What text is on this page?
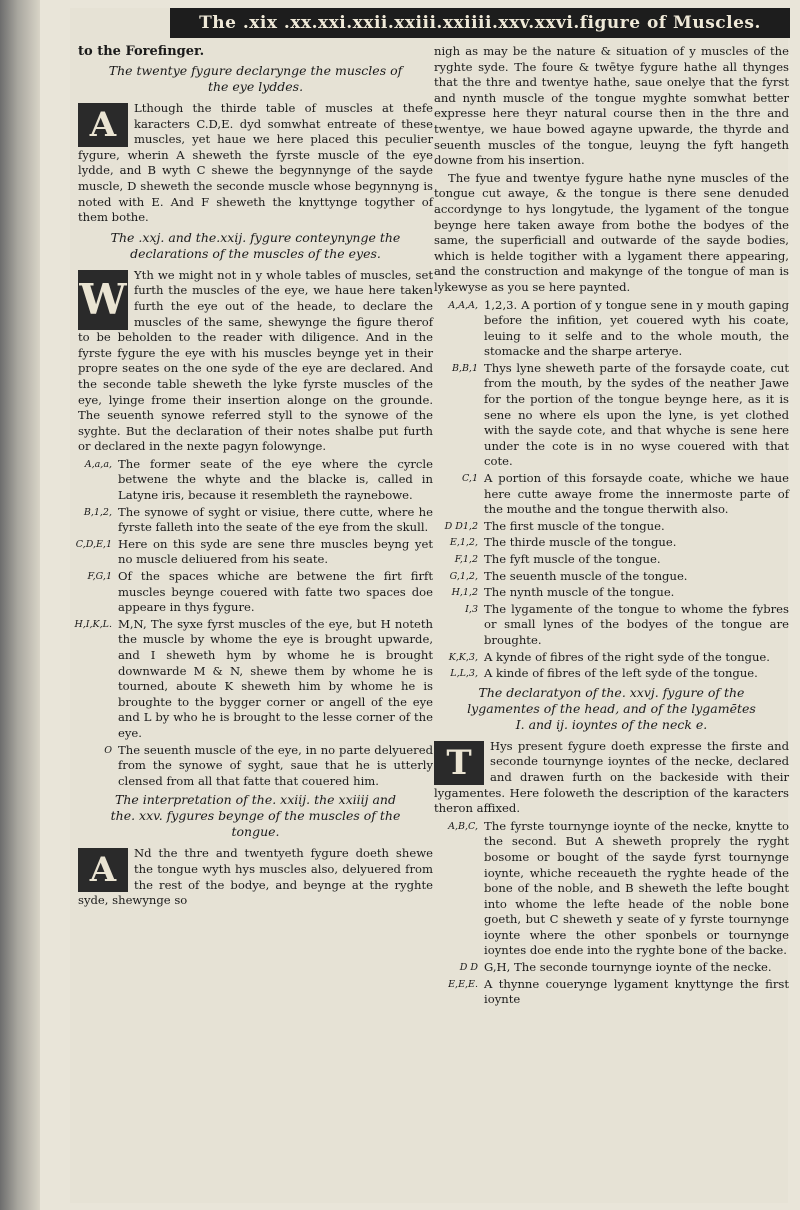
The .xix .xx.xxi.xxii.xxiii.xxiiii.xxv.xxvi.figure of Muscles.
to the Forefinger.
The twentye fygure declarynge the muscles of the eye lyddes.

A	Lthough the thirde table of muscles at thefe karacters C.D,E. dyd somwhat entreate of these muscles, yet haue we here placed this peculier fygure, wherin A sheweth the fyrste muscle of the eye lydde, and B wyth C shewe the begynnynge of the sayde muscle, D sheweth the seconde muscle whose begynnyng is noted with E. And F sheweth the knyttynge togyther of them bothe.

The .xxj. and the.xxij. fygure conteynynge the declarations of the muscles of the eyes.

W Yth we might not in y whole tables of muscles, set furth the muscles of the eye, we haue here taken furth the eye out of the heade, to declare the muscles of the same, shewynge the figure therof to be beholden to the reader with diligence. And in the fyrste fygure the eye with his muscles beynge yet in their propre seates on the one syde of the eye are declared. And the seconde table sheweth the lyke fyrste muscles of the eye, lyinge frome their insertion alonge on the grounde. The seuenth synowe referred styll to the synowe of the syghte. But the declaration of their notes shalbe put furth or declared in the nexte pagyn folowynge.

A,a,a, The former seate of the eye where the cyrcle betwene the whyte and the blacke is, called in Latyne iris, because it resembleth the raynebowe.
B,1,2, The synowe of syght or visiue, there cutte, where he fyrste falleth into the seate of the eye from the skull.
C,D,E,1 Here on this syde are sene thre muscles beyng yet no muscle deliuered from his seate.
F,G,1 Of the spaces whiche are betwene the firt firft muscles beynge couered with fatte two spaces doe appeare in thys fygure.
H,I,K,L. M,N, The syxe fyrst muscles of the eye, but H noteth the muscle by whome the eye is brought upwarde, and I sheweth hym by whome he is brought downwarde M & N, shewe them by whome he is tourned, aboute K sheweth him by whome he is broughte to the bygger corner or angell of the eye and L by who he is brought to the lesse corner of the eye.
O The seuenth muscle of the eye, in no parte delyuered from the synowe of syght, saue that he is utterly clensed from all that fatte that couered him.
The interpretation of the. xxiij. the xxiiij and the. xxv. fygures beynge of the muscles of the tongue.

A	Nd the thre and twentyeth fygure doeth shewe the tongue wyth hys muscles also, delyuered from the rest of the bodye, and beynge at the ryghte syde, shewynge so

nigh as may be the nature & situation of y muscles of the ryghte syde. The foure & twētye fygure hathe all thynges that the thre and twentye hathe, saue onelye that the fyrst and nynth muscle of the tongue myghte somwhat better expresse here theyr natural course then in the thre and twentye, we haue bowed agayne upwarde, the thyrde and seuenth muscles of the tongue, leuyng the fyft hangeth downe from his insertion.

The fyue and twentye fygure hathe nyne muscles of the tongue cut awaye, & the tongue is there sene denuded accordynge to hys longytude, the lygament of the tongue beynge here taken awaye from bothe the bodyes of the same, the superficiall and outwarde of the sayde bodies, which is helde togither with a lygament there appearing, and the construction and makynge of the tongue of man is lykewyse as you se here paynted.

A,A,A, 1,2,3. A portion of y tongue sene in y mouth gaping before the infition, yet couered wyth his coate, leuing to it selfe and to the whole mouth, the stomacke and the sharpe arterye.
B,B,1 Thys lyne sheweth parte of the forsayde coate, cut from the mouth, by the sydes of the neather Jawe for the portion of the tongue beynge here, as it is sene no where els upon the lyne, is yet clothed with the sayde cote, and that whyche is sene here under the cote is in no wyse couered with that cote.
C,1 A portion of this forsayde coate, whiche we haue here cutte awaye frome the innermoste parte of the mouthe and the tongue therwith also.
D D1,2 The first muscle of the tongue.
E,1,2, The thirde muscle of the tongue.
F,1,2 The fyft muscle of the tongue.
G,1,2, The seuenth muscle of the tongue.
H,1,2 The nynth muscle of the tongue.
I,3 The lygamente of the tongue to whome the fybres or small lynes of the bodyes of the tongue are broughte.
K,K,3, A kynde of fibres of the right syde of the tongue.
L,L,3, A kinde of fibres of the left syde of the tongue.
The declaratyon of the. xxvj. fygure of the lygamentes of the head, and of the lygamētes I. and ij. ioyntes of the neck e.

T	Hys present fygure doeth expresse the firste and seconde tournynge ioyntes of the necke, declared and drawen furth on the backeside with their lygamentes. Here foloweth the description of the karacters theron affixed.

A,B,C, The fyrste tournynge ioynte of the necke, knytte to the second. But A sheweth proprely the ryght bosome or bought of the sayde fyrst tournynge ioynte, whiche receaueth the ryghte heade of the bone of the noble, and B sheweth the lefte bought into whome the lefte heade of the noble bone goeth, but C sheweth y seate of y fyrste tournynge ioynte where the other sponbels or tournynge ioyntes doe ende into the ryghte bone of the backe.
D D G,H, The seconde tournynge ioynte of the necke.
E,E,E. A thynne couerynge lygament knyttynge the first ioynte
